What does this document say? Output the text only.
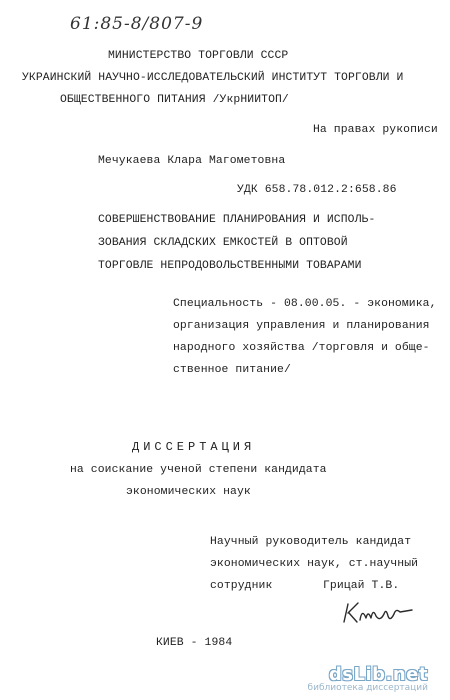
61:85-8/807-9
МИНИСТЕРСТВО ТОРГОВЛИ СССР
УКРАИНСКИЙ НАУЧНО-ИССЛЕДОВАТЕЛЬСКИЙ ИНСТИТУТ ТОРГОВЛИ И
ОБЩЕСТВЕННОГО ПИТАНИЯ /УкрНИИТОП/
На правах рукописи
Мечукаева Клара Магометовна
УДК 658.78.012.2:658.86
СОВЕРШЕНСТВОВАНИЕ ПЛАНИРОВАНИЯ И ИСПОЛЬ-
ЗОВАНИЯ СКЛАДСКИХ ЕМКОСТЕЙ В ОПТОВОЙ
ТОРГОВЛЕ НЕПРОДОВОЛЬСТВЕННЫМИ ТОВАРАМИ
Специальность - 08.00.05. - экономика,
организация управления и планирования
народного хозяйства /торговля и обще-
ственное питание/
ДИССЕРТАЦИЯ
на соискание ученой степени кандидата
экономических наук
Научный руководитель кандидат
экономических наук, ст.научный
сотрудник	Грицай Т.В.
КИЕВ - 1984
dsLib.net
библиотека диссертаций
